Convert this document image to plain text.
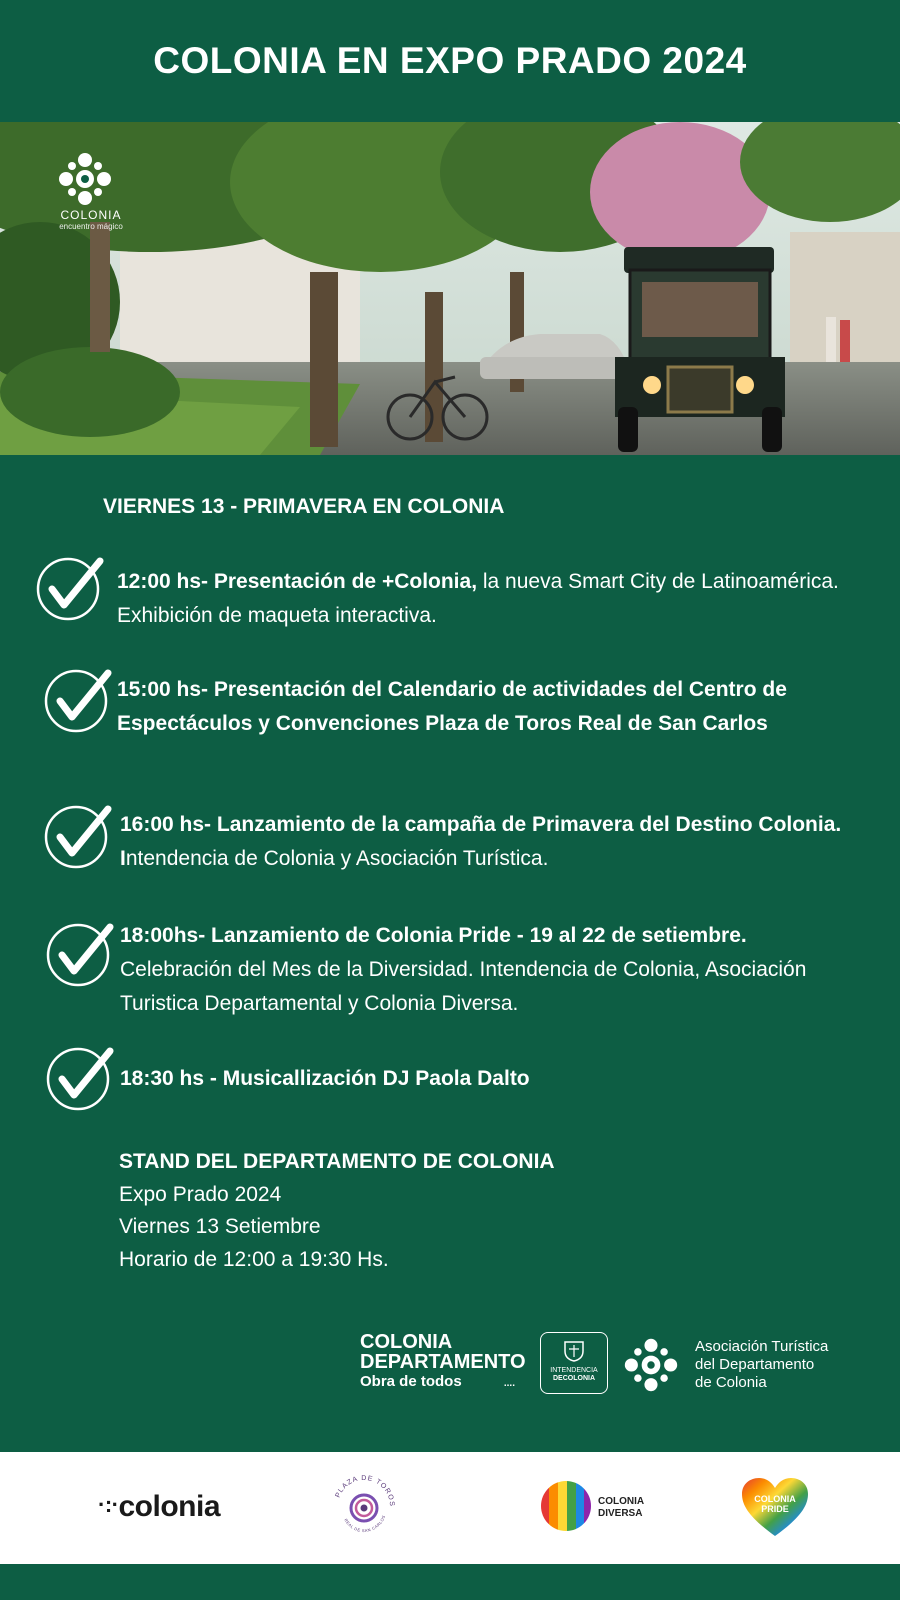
COLONIA EN EXPO PRADO 2024
COLONIA
encuentro mágico
VIERNES 13 - PRIMAVERA EN COLONIA
12:00 hs- Presentación de +Colonia, la nueva Smart City de Latinoamérica. Exhibición de maqueta interactiva.
15:00 hs- Presentación del Calendario de actividades del Centro de Espectáculos y Convenciones Plaza de Toros Real de San Carlos
16:00 hs- Lanzamiento de la campaña de Primavera del Destino Colonia. Intendencia de Colonia y Asociación Turística.
18:00hs- Lanzamiento de Colonia Pride - 19 al 22 de setiembre. Celebración del Mes de la Diversidad. Intendencia de Colonia, Asociación Turistica Departamental y Colonia Diversa.
18:30 hs - Musicallización DJ Paola Dalto
STAND DEL DEPARTAMENTO DE COLONIA
Expo Prado 2024
Viernes 13 Setiembre
Horario de 12:00 a 19:30 Hs.
COLONIA
DEPARTAMENTO
Obra de todos	....
INTENDENCIA
DECOLONIA
Asociación Turística
del Departamento
de Colonia
·:·colonia	PLAZA DE TOROS
REAL DE SAN CARLOS
COLONIA
DIVERSA
COLONIA
PRIDE
